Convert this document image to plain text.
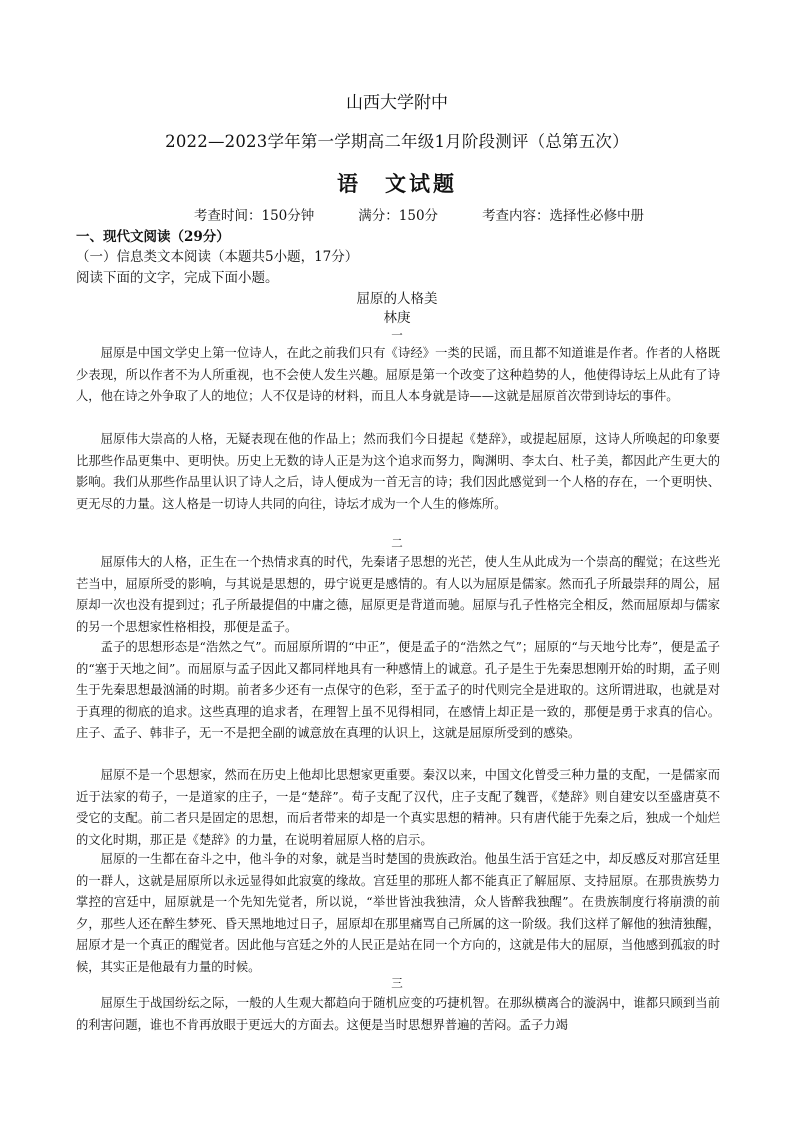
山西大学附中
2022—2023学年第一学期高二年级1月阶段测评（总第五次）
语　文试题
考查时间：150分钟	满分：150分	考查内容：选择性必修中册
一、现代文阅读（29分）
（一）信息类文本阅读（本题共5小题，17分）
阅读下面的文字，完成下面小题。
屈原的人格美
林庚
一

屈原是中国文学史上第一位诗人，在此之前我们只有《诗经》一类的民谣，而且都不知道谁是作者。作者的人格既少表现，所以作者不为人所重视，也不会使人发生兴趣。屈原是第一个改变了这种趋势的人，他使得诗坛上从此有了诗人，他在诗之外争取了人的地位；人不仅是诗的材料，而且人本身就是诗——这就是屈原首次带到诗坛的事件。

屈原伟大崇高的人格，无疑表现在他的作品上；然而我们今日提起《楚辞》，或提起屈原，这诗人所唤起的印象要比那些作品更集中、更明快。历史上无数的诗人正是为这个追求而努力，陶渊明、李太白、杜子美，都因此产生更大的影响。我们从那些作品里认识了诗人之后，诗人便成为一首无言的诗；我们因此感觉到一个人格的存在，一个更明快、更无尽的力量。这人格是一切诗人共同的向往，诗坛才成为一个人生的修炼所。

二

屈原伟大的人格，正生在一个热情求真的时代，先秦诸子思想的光芒，使人生从此成为一个崇高的醒觉；在这些光芒当中，屈原所受的影响，与其说是思想的，毋宁说更是感情的。有人以为屈原是儒家。然而孔子所最崇拜的周公，屈原却一次也没有提到过；孔子所最提倡的中庸之德，屈原更是背道而驰。屈原与孔子性格完全相反，然而屈原却与儒家的另一个思想家性格相投，那便是孟子。

孟子的思想形态是“浩然之气”。而屈原所谓的“中正”，便是孟子的“浩然之气”；屈原的“与天地兮比寿”，便是孟子的“塞于天地之间”。而屈原与孟子因此又都同样地具有一种感情上的诚意。孔子是生于先秦思想刚开始的时期，孟子则生于先秦思想最汹涌的时期。前者多少还有一点保守的色彩，至于孟子的时代则完全是进取的。这所谓进取，也就是对于真理的彻底的追求。这些真理的追求者，在理智上虽不见得相同，在感情上却正是一致的，那便是勇于求真的信心。庄子、孟子、韩非子，无一不是把全副的诚意放在真理的认识上，这就是屈原所受到的感染。

屈原不是一个思想家，然而在历史上他却比思想家更重要。秦汉以来，中国文化曾受三种力量的支配，一是儒家而近于法家的荀子，一是道家的庄子，一是“楚辞”。荀子支配了汉代，庄子支配了魏晋，《楚辞》则自建安以至盛唐莫不受它的支配。前二者只是固定的思想，而后者带来的却是一个真实思想的精神。只有唐代能于先秦之后，独成一个灿烂的文化时期，那正是《楚辞》的力量，在说明着屈原人格的启示。

屈原的一生都在奋斗之中，他斗争的对象，就是当时楚国的贵族政治。他虽生活于宫廷之中，却反感反对那宫廷里的一群人，这就是屈原所以永远显得如此寂寞的缘故。宫廷里的那班人都不能真正了解屈原、支持屈原。在那贵族势力掌控的宫廷中，屈原就是一个先知先觉者，所以说，“举世皆浊我独清，众人皆醉我独醒”。在贵族制度行将崩溃的前夕，那些人还在醉生梦死、昏天黑地地过日子，屈原却在那里痛骂自己所属的这一阶级。我们这样了解他的独清独醒，屈原才是一个真正的醒觉者。因此他与宫廷之外的人民正是站在同一个方向的，这就是伟大的屈原，当他感到孤寂的时候，其实正是他最有力量的时候。

三

屈原生于战国纷纭之际，一般的人生观大都趋向于随机应变的巧捷机智。在那纵横离合的漩涡中，谁都只顾到当前的利害问题，谁也不肯再放眼于更远大的方面去。这便是当时思想界普遍的苦闷。孟子力竭
